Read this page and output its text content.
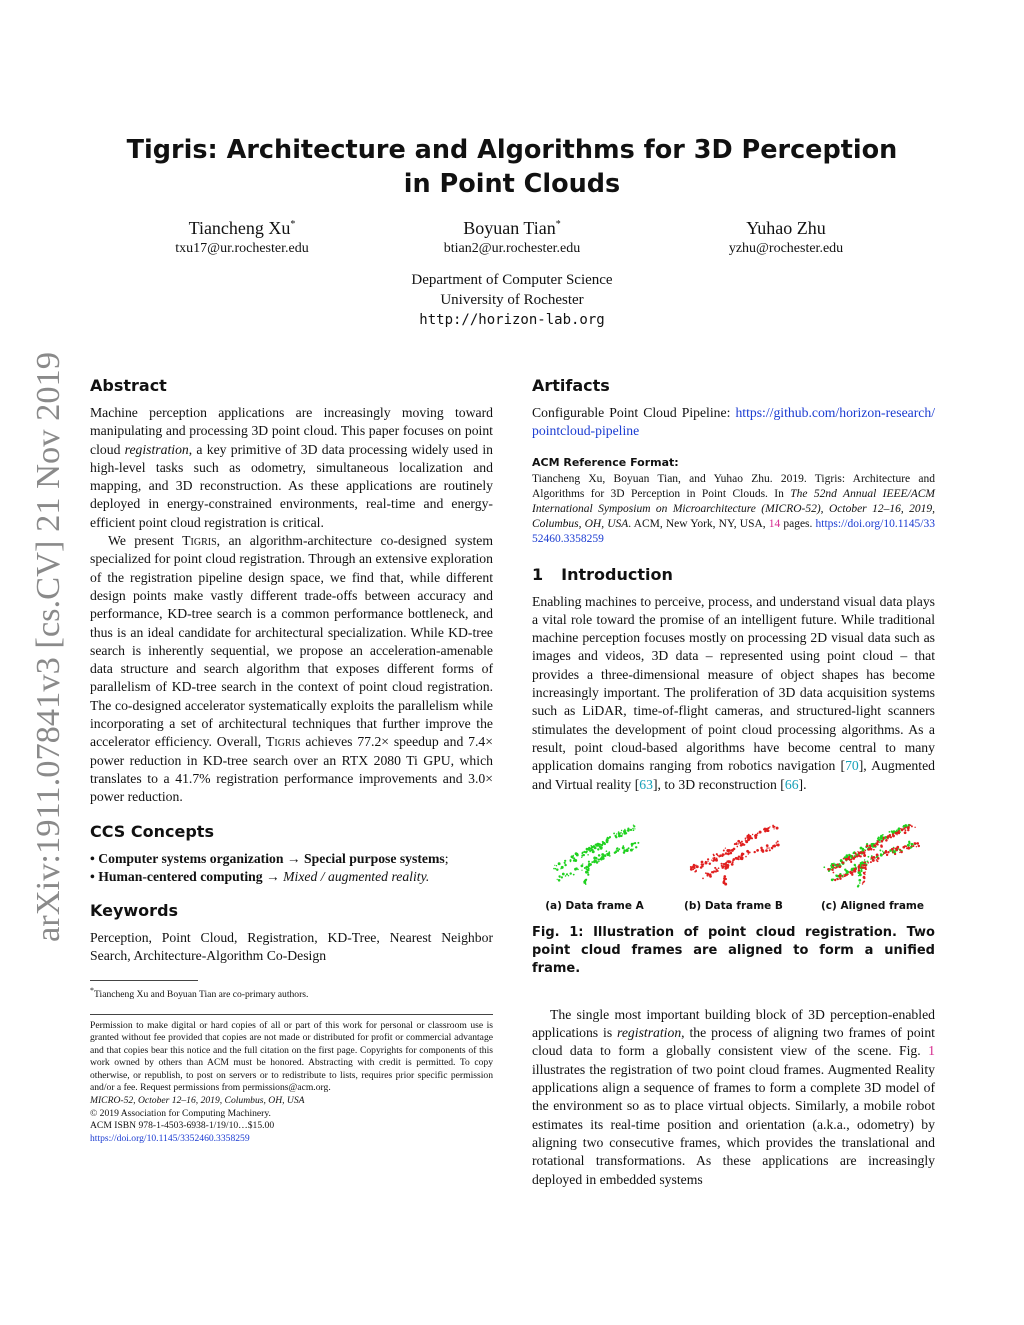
arXiv:1911.07841v3 [cs.CV] 21 Nov 2019
Tigris: Architecture and Algorithms for 3D Perception
in Point Clouds
Tiancheng Xu*
txu17@ur.rochester.edu
Boyuan Tian*
btian2@ur.rochester.edu
Yuhao Zhu
yzhu@rochester.edu
Department of Computer Science
University of Rochester
http://horizon-lab.org
Abstract

Machine perception applications are increasingly moving toward manipulating and processing 3D point cloud. This paper focuses on point cloud registration, a key primitive of 3D data processing widely used in high-level tasks such as odometry, simultaneous localization and mapping, and 3D reconstruction. As these applications are routinely deployed in energy-constrained environments, real-time and energy-efficient point cloud registration is critical.

We present Tigris, an algorithm-architecture co-designed system specialized for point cloud registration. Through an extensive exploration of the registration pipeline design space, we find that, while different design points make vastly different trade-offs between accuracy and performance, KD-tree search is a common performance bottleneck, and thus is an ideal candidate for architectural specialization. While KD-tree search is inherently sequential, we propose an acceleration-amenable data structure and search algorithm that exposes different forms of parallelism of KD-tree search in the context of point cloud registration. The co-designed accelerator systematically exploits the parallelism while incorporating a set of architectural techniques that further improve the accelerator efficiency. Overall, Tigris achieves 77.2× speedup and 7.4× power reduction in KD-tree search over an RTX 2080 Ti GPU, which translates to a 41.7% registration performance improvements and 3.0× power reduction.

CCS Concepts
• Computer systems organization → Special purpose systems;
• Human-centered computing → Mixed / augmented reality.
Keywords

Perception, Point Cloud, Registration, KD-Tree, Nearest Neighbor Search, Architecture-Algorithm Co-Design

*Tiancheng Xu and Boyuan Tian are co-primary authors.
Permission to make digital or hard copies of all or part of this work for personal or classroom use is granted without fee provided that copies are not made or distributed for profit or commercial advantage and that copies bear this notice and the full citation on the first page. Copyrights for components of this work owned by others than ACM must be honored. Abstracting with credit is permitted. To copy otherwise, or republish, to post on servers or to redistribute to lists, requires prior specific permission and/or a fee. Request permissions from permissions@acm.org.
MICRO-52, October 12–16, 2019, Columbus, OH, USA
© 2019 Association for Computing Machinery.
ACM ISBN 978-1-4503-6938-1/19/10…$15.00
https://doi.org/10.1145/3352460.3358259
Artifacts

Configurable Point Cloud Pipeline: https://github.com/horizon-research/pointcloud-pipeline

ACM Reference Format:

Tiancheng Xu, Boyuan Tian, and Yuhao Zhu. 2019. Tigris: Architecture and Algorithms for 3D Perception in Point Clouds. In The 52nd Annual IEEE/ACM International Symposium on Microarchitecture (MICRO-52), October 12–16, 2019, Columbus, OH, USA. ACM, New York, NY, USA, 14 pages. https://doi.org/10.1145/3352460.3358259

1 Introduction

Enabling machines to perceive, process, and understand visual data plays a vital role toward the promise of an intelligent future. While traditional machine perception focuses mostly on processing 2D visual data such as images and videos, 3D data – represented using point cloud – that provides a three-dimensional measure of object shapes has become increasingly important. The proliferation of 3D data acquisition systems such as LiDAR, time-of-flight cameras, and structured-light scanners stimulates the development of point cloud processing algorithms. As a result, point cloud-based algorithms have become central to many application domains ranging from robotics navigation [70], Augmented and Virtual reality [63], to 3D reconstruction [66].

(a) Data frame A	(b) Data frame B	(c) Aligned frame

Fig. 1: Illustration of point cloud registration. Two point cloud frames are aligned to form a unified frame.

The single most important building block of 3D perception-enabled applications is registration, the process of aligning two frames of point cloud data to form a globally consistent view of the scene. Fig. 1 illustrates the registration of two point cloud frames. Augmented Reality applications align a sequence of frames to form a complete 3D model of the environment so as to place virtual objects. Similarly, a mobile robot estimates its real-time position and orientation (a.k.a., odometry) by aligning two consecutive frames, which provides the translational and rotational transformations. As these applications are increasingly deployed in embedded systems
